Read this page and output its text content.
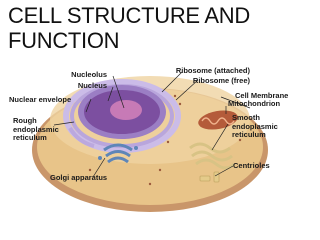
CELL STRUCTURE AND
FUNCTION
Nucleolus
Nucleus
Nuclear envelope
Rough
endoplasmic
reticulum
Golgi apparatus
Ribosome (attached)
Ribosome (free)
Cell Membrane
Mitochondrion
Smooth
endoplasmic
reticulum
Centrioles
